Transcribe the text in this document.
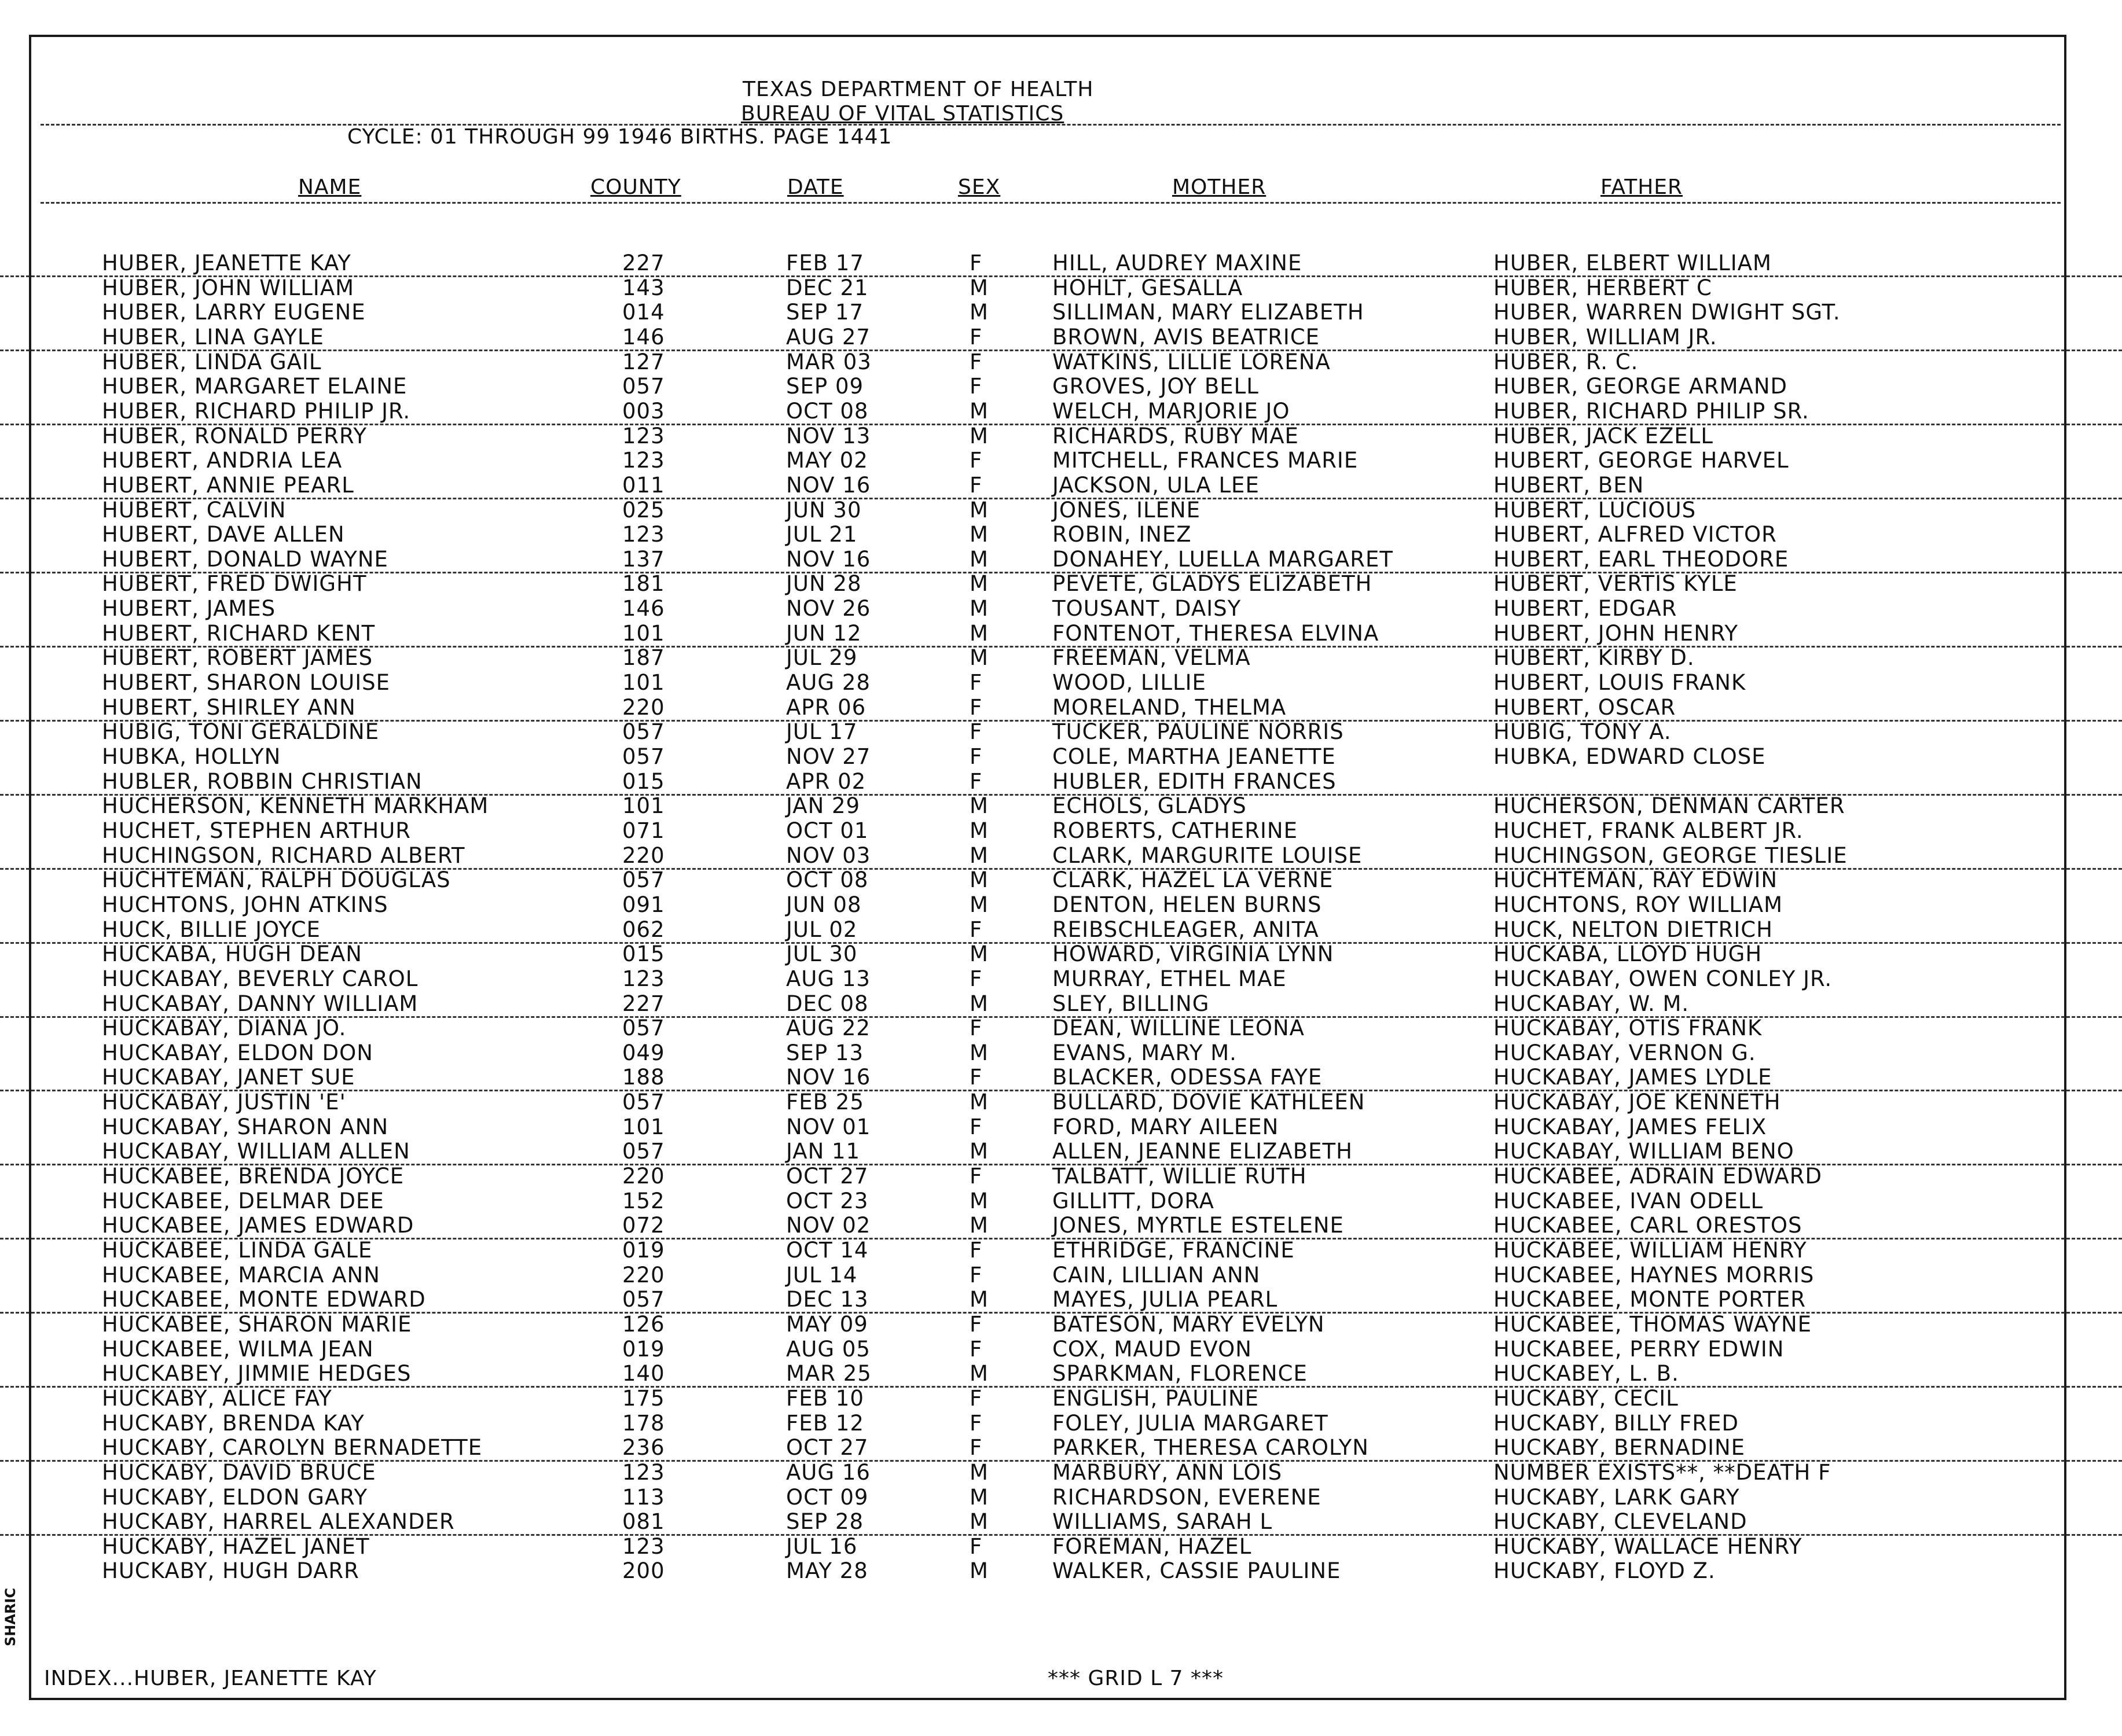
SHARIC
TEXAS DEPARTMENT OF HEALTH
BUREAU OF VITAL STATISTICS
CYCLE: 01 THROUGH 99 1946 BIRTHS. PAGE 1441
NAME	COUNTY	DATE	SEX	MOTHER	FATHER
HUBER, JEANETTE KAY	227	FEB 17	F	HILL, AUDREY MAXINE	HUBER, ELBERT WILLIAM
HUBER, JOHN WILLIAM	143	DEC 21	M	HOHLT, GESALLA	HUBER, HERBERT C
HUBER, LARRY EUGENE	014	SEP 17	M	SILLIMAN, MARY ELIZABETH	HUBER, WARREN DWIGHT SGT.
HUBER, LINA GAYLE	146	AUG 27	F	BROWN, AVIS BEATRICE	HUBER, WILLIAM JR.
HUBER, LINDA GAIL	127	MAR 03	F	WATKINS, LILLIE LORENA	HUBER, R. C.
HUBER, MARGARET ELAINE	057	SEP 09	F	GROVES, JOY BELL	HUBER, GEORGE ARMAND
HUBER, RICHARD PHILIP JR.	003	OCT 08	M	WELCH, MARJORIE JO	HUBER, RICHARD PHILIP SR.
HUBER, RONALD PERRY	123	NOV 13	M	RICHARDS, RUBY MAE	HUBER, JACK EZELL
HUBERT, ANDRIA LEA	123	MAY 02	F	MITCHELL, FRANCES MARIE	HUBERT, GEORGE HARVEL
HUBERT, ANNIE PEARL	011	NOV 16	F	JACKSON, ULA LEE	HUBERT, BEN
HUBERT, CALVIN	025	JUN 30	M	JONES, ILENE	HUBERT, LUCIOUS
HUBERT, DAVE ALLEN	123	JUL 21	M	ROBIN, INEZ	HUBERT, ALFRED VICTOR
HUBERT, DONALD WAYNE	137	NOV 16	M	DONAHEY, LUELLA MARGARET	HUBERT, EARL THEODORE
HUBERT, FRED DWIGHT	181	JUN 28	M	PEVETE, GLADYS ELIZABETH	HUBERT, VERTIS KYLE
HUBERT, JAMES	146	NOV 26	M	TOUSANT, DAISY	HUBERT, EDGAR
HUBERT, RICHARD KENT	101	JUN 12	M	FONTENOT, THERESA ELVINA	HUBERT, JOHN HENRY
HUBERT, ROBERT JAMES	187	JUL 29	M	FREEMAN, VELMA	HUBERT, KIRBY D.
HUBERT, SHARON LOUISE	101	AUG 28	F	WOOD, LILLIE	HUBERT, LOUIS FRANK
HUBERT, SHIRLEY ANN	220	APR 06	F	MORELAND, THELMA	HUBERT, OSCAR
HUBIG, TONI GERALDINE	057	JUL 17	F	TUCKER, PAULINE NORRIS	HUBIG, TONY A.
HUBKA, HOLLYN	057	NOV 27	F	COLE, MARTHA JEANETTE	HUBKA, EDWARD CLOSE
HUBLER, ROBBIN CHRISTIAN	015	APR 02	F	HUBLER, EDITH FRANCES
HUCHERSON, KENNETH MARKHAM	101	JAN 29	M	ECHOLS, GLADYS	HUCHERSON, DENMAN CARTER
HUCHET, STEPHEN ARTHUR	071	OCT 01	M	ROBERTS, CATHERINE	HUCHET, FRANK ALBERT JR.
HUCHINGSON, RICHARD ALBERT	220	NOV 03	M	CLARK, MARGURITE LOUISE	HUCHINGSON, GEORGE TIESLIE
HUCHTEMAN, RALPH DOUGLAS	057	OCT 08	M	CLARK, HAZEL LA VERNE	HUCHTEMAN, RAY EDWIN
HUCHTONS, JOHN ATKINS	091	JUN 08	M	DENTON, HELEN BURNS	HUCHTONS, ROY WILLIAM
HUCK, BILLIE JOYCE	062	JUL 02	F	REIBSCHLEAGER, ANITA	HUCK, NELTON DIETRICH
HUCKABA, HUGH DEAN	015	JUL 30	M	HOWARD, VIRGINIA LYNN	HUCKABA, LLOYD HUGH
HUCKABAY, BEVERLY CAROL	123	AUG 13	F	MURRAY, ETHEL MAE	HUCKABAY, OWEN CONLEY JR.
HUCKABAY, DANNY WILLIAM	227	DEC 08	M	SLEY, BILLING	HUCKABAY, W. M.
HUCKABAY, DIANA JO.	057	AUG 22	F	DEAN, WILLINE LEONA	HUCKABAY, OTIS FRANK
HUCKABAY, ELDON DON	049	SEP 13	M	EVANS, MARY M.	HUCKABAY, VERNON G.
HUCKABAY, JANET SUE	188	NOV 16	F	BLACKER, ODESSA FAYE	HUCKABAY, JAMES LYDLE
HUCKABAY, JUSTIN 'E'	057	FEB 25	M	BULLARD, DOVIE KATHLEEN	HUCKABAY, JOE KENNETH
HUCKABAY, SHARON ANN	101	NOV 01	F	FORD, MARY AILEEN	HUCKABAY, JAMES FELIX
HUCKABAY, WILLIAM ALLEN	057	JAN 11	M	ALLEN, JEANNE ELIZABETH	HUCKABAY, WILLIAM BENO
HUCKABEE, BRENDA JOYCE	220	OCT 27	F	TALBATT, WILLIE RUTH	HUCKABEE, ADRAIN EDWARD
HUCKABEE, DELMAR DEE	152	OCT 23	M	GILLITT, DORA	HUCKABEE, IVAN ODELL
HUCKABEE, JAMES EDWARD	072	NOV 02	M	JONES, MYRTLE ESTELENE	HUCKABEE, CARL ORESTOS
HUCKABEE, LINDA GALE	019	OCT 14	F	ETHRIDGE, FRANCINE	HUCKABEE, WILLIAM HENRY
HUCKABEE, MARCIA ANN	220	JUL 14	F	CAIN, LILLIAN ANN	HUCKABEE, HAYNES MORRIS
HUCKABEE, MONTE EDWARD	057	DEC 13	M	MAYES, JULIA PEARL	HUCKABEE, MONTE PORTER
HUCKABEE, SHARON MARIE	126	MAY 09	F	BATESON, MARY EVELYN	HUCKABEE, THOMAS WAYNE
HUCKABEE, WILMA JEAN	019	AUG 05	F	COX, MAUD EVON	HUCKABEE, PERRY EDWIN
HUCKABEY, JIMMIE HEDGES	140	MAR 25	M	SPARKMAN, FLORENCE	HUCKABEY, L. B.
HUCKABY, ALICE FAY	175	FEB 10	F	ENGLISH, PAULINE	HUCKABY, CECIL
HUCKABY, BRENDA KAY	178	FEB 12	F	FOLEY, JULIA MARGARET	HUCKABY, BILLY FRED
HUCKABY, CAROLYN BERNADETTE	236	OCT 27	F	PARKER, THERESA CAROLYN	HUCKABY, BERNADINE
HUCKABY, DAVID BRUCE	123	AUG 16	M	MARBURY, ANN LOIS	NUMBER EXISTS**, **DEATH F
HUCKABY, ELDON GARY	113	OCT 09	M	RICHARDSON, EVERENE	HUCKABY, LARK GARY
HUCKABY, HARREL ALEXANDER	081	SEP 28	M	WILLIAMS, SARAH L	HUCKABY, CLEVELAND
HUCKABY, HAZEL JANET	123	JUL 16	F	FOREMAN, HAZEL	HUCKABY, WALLACE HENRY
HUCKABY, HUGH DARR	200	MAY 28	M	WALKER, CASSIE PAULINE	HUCKABY, FLOYD Z.
INDEX...HUBER, JEANETTE KAY	*** GRID L 7 ***
